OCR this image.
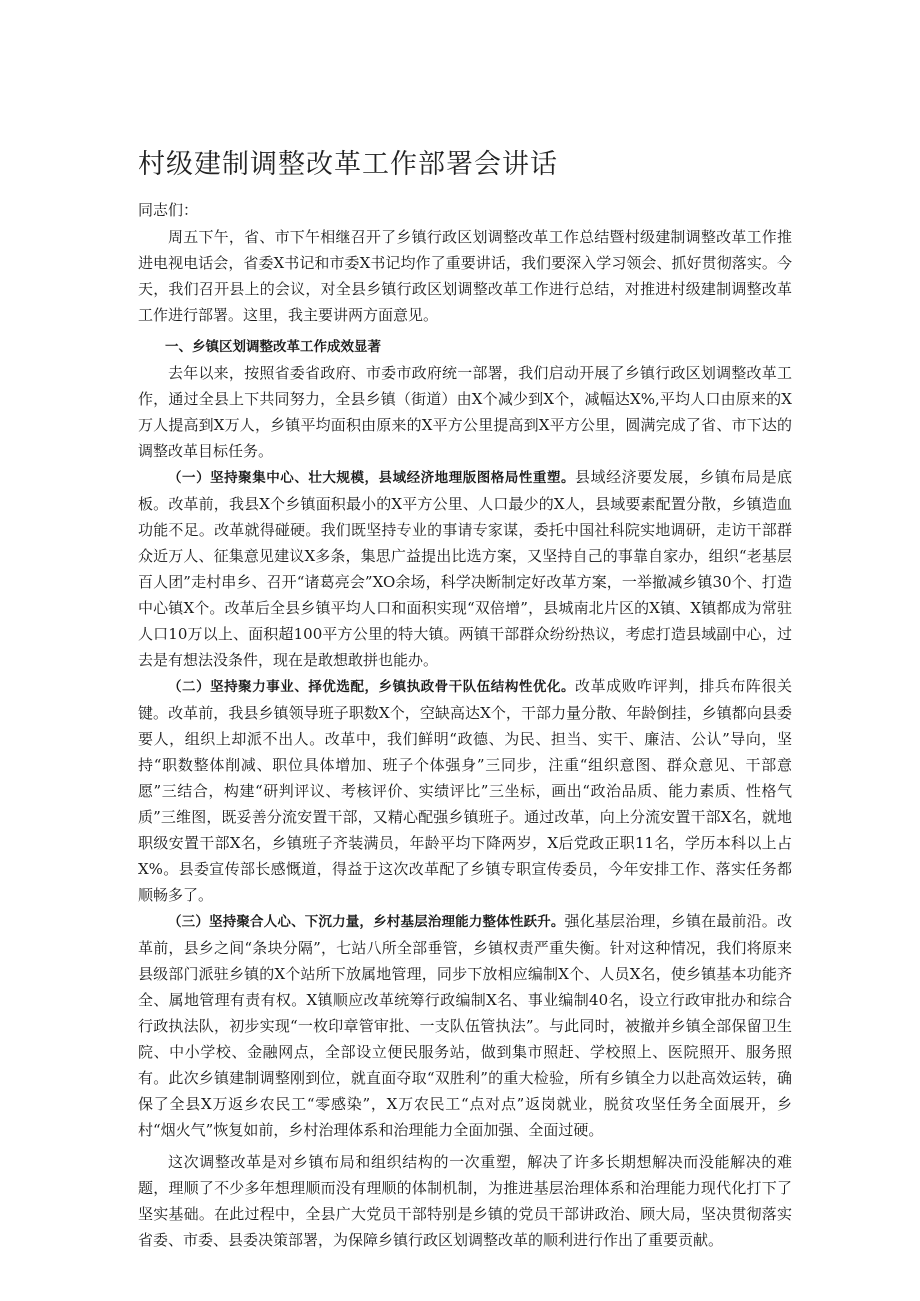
村级建制调整改革工作部署会讲话

同志们：

周五下午，省、市下午相继召开了乡镇行政区划调整改革工作总结暨村级建制调整改革工作推进电视电话会，省委X书记和市委X书记均作了重要讲话，我们要深入学习领会、抓好贯彻落实。今天，我们召开县上的会议，对全县乡镇行政区划调整改革工作进行总结，对推进村级建制调整改革工作进行部署。这里，我主要讲两方面意见。

一、乡镇区划调整改革工作成效显著

去年以来，按照省委省政府、市委市政府统一部署，我们启动开展了乡镇行政区划调整改革工作，通过全县上下共同努力，全县乡镇（街道）由X个减少到X个，减幅达X%,平均人口由原来的X万人提高到X万人，乡镇平均面积由原来的X平方公里提高到X平方公里，圆满完成了省、市下达的调整改革目标任务。

（一）坚持聚集中心、壮大规模，县域经济地理版图格局性重塑。县域经济要发展，乡镇布局是底板。改革前，我县X个乡镇面积最小的X平方公里、人口最少的X人，县域要素配置分散，乡镇造血功能不足。改革就得碰硬。我们既坚持专业的事请专家谋，委托中国社科院实地调研，走访干部群众近万人、征集意见建议X多条，集思广益提出比选方案，又坚持自己的事靠自家办，组织“老基层百人团”走村串乡、召开“诸葛亮会”XO余场，科学决断制定好改革方案，一举撤减乡镇30个、打造中心镇X个。改革后全县乡镇平均人口和面积实现“双倍增”，县城南北片区的X镇、X镇都成为常驻人口10万以上、面积超100平方公里的特大镇。两镇干部群众纷纷热议，考虑打造县域副中心，过去是有想法没条件，现在是敢想敢拼也能办。

（二）坚持聚力事业、择优选配，乡镇执政骨干队伍结构性优化。改革成败咋评判，排兵布阵很关键。改革前，我县乡镇领导班子职数X个，空缺高达X个，干部力量分散、年龄倒挂，乡镇都向县委要人，组织上却派不出人。改革中，我们鲜明“政德、为民、担当、实干、廉洁、公认”导向，坚持“职数整体削减、职位具体增加、班子个体强身”三同步，注重“组织意图、群众意见、干部意愿”三结合，构建“研判评议、考核评价、实绩评比”三坐标，画出“政治品质、能力素质、性格气质”三维图，既妥善分流安置干部，又精心配强乡镇班子。通过改革，向上分流安置干部X名，就地职级安置干部X名，乡镇班子齐装满员，年龄平均下降两岁，X后党政正职11名，学历本科以上占X%。县委宣传部长感慨道，得益于这次改革配了乡镇专职宣传委员，今年安排工作、落实任务都顺畅多了。

（三）坚持聚合人心、下沉力量，乡村基层治理能力整体性跃升。强化基层治理，乡镇在最前沿。改革前，县乡之间“条块分隔”，七站八所全部垂管，乡镇权责严重失衡。针对这种情况，我们将原来县级部门派驻乡镇的X个站所下放属地管理，同步下放相应编制X个、人员X名，使乡镇基本功能齐全、属地管理有责有权。X镇顺应改革统筹行政编制X名、事业编制40名，设立行政审批办和综合行政执法队，初步实现“一枚印章管审批、一支队伍管执法”。与此同时，被撤并乡镇全部保留卫生院、中小学校、金融网点，全部设立便民服务站，做到集市照赶、学校照上、医院照开、服务照有。此次乡镇建制调整刚到位，就直面夺取“双胜利”的重大检验，所有乡镇全力以赴高效运转，确保了全县X万返乡农民工“零感染”，X万农民工“点对点”返岗就业，脱贫攻坚任务全面展开，乡村“烟火气”恢复如前，乡村治理体系和治理能力全面加强、全面过硬。

这次调整改革是对乡镇布局和组织结构的一次重塑，解决了许多长期想解决而没能解决的难题，理顺了不少多年想理顺而没有理顺的体制机制，为推进基层治理体系和治理能力现代化打下了坚实基础。在此过程中，全县广大党员干部特别是乡镇的党员干部讲政治、顾大局，坚决贯彻落实省委、市委、县委决策部署，为保障乡镇行政区划调整改革的顺利进行作出了重要贡献。
